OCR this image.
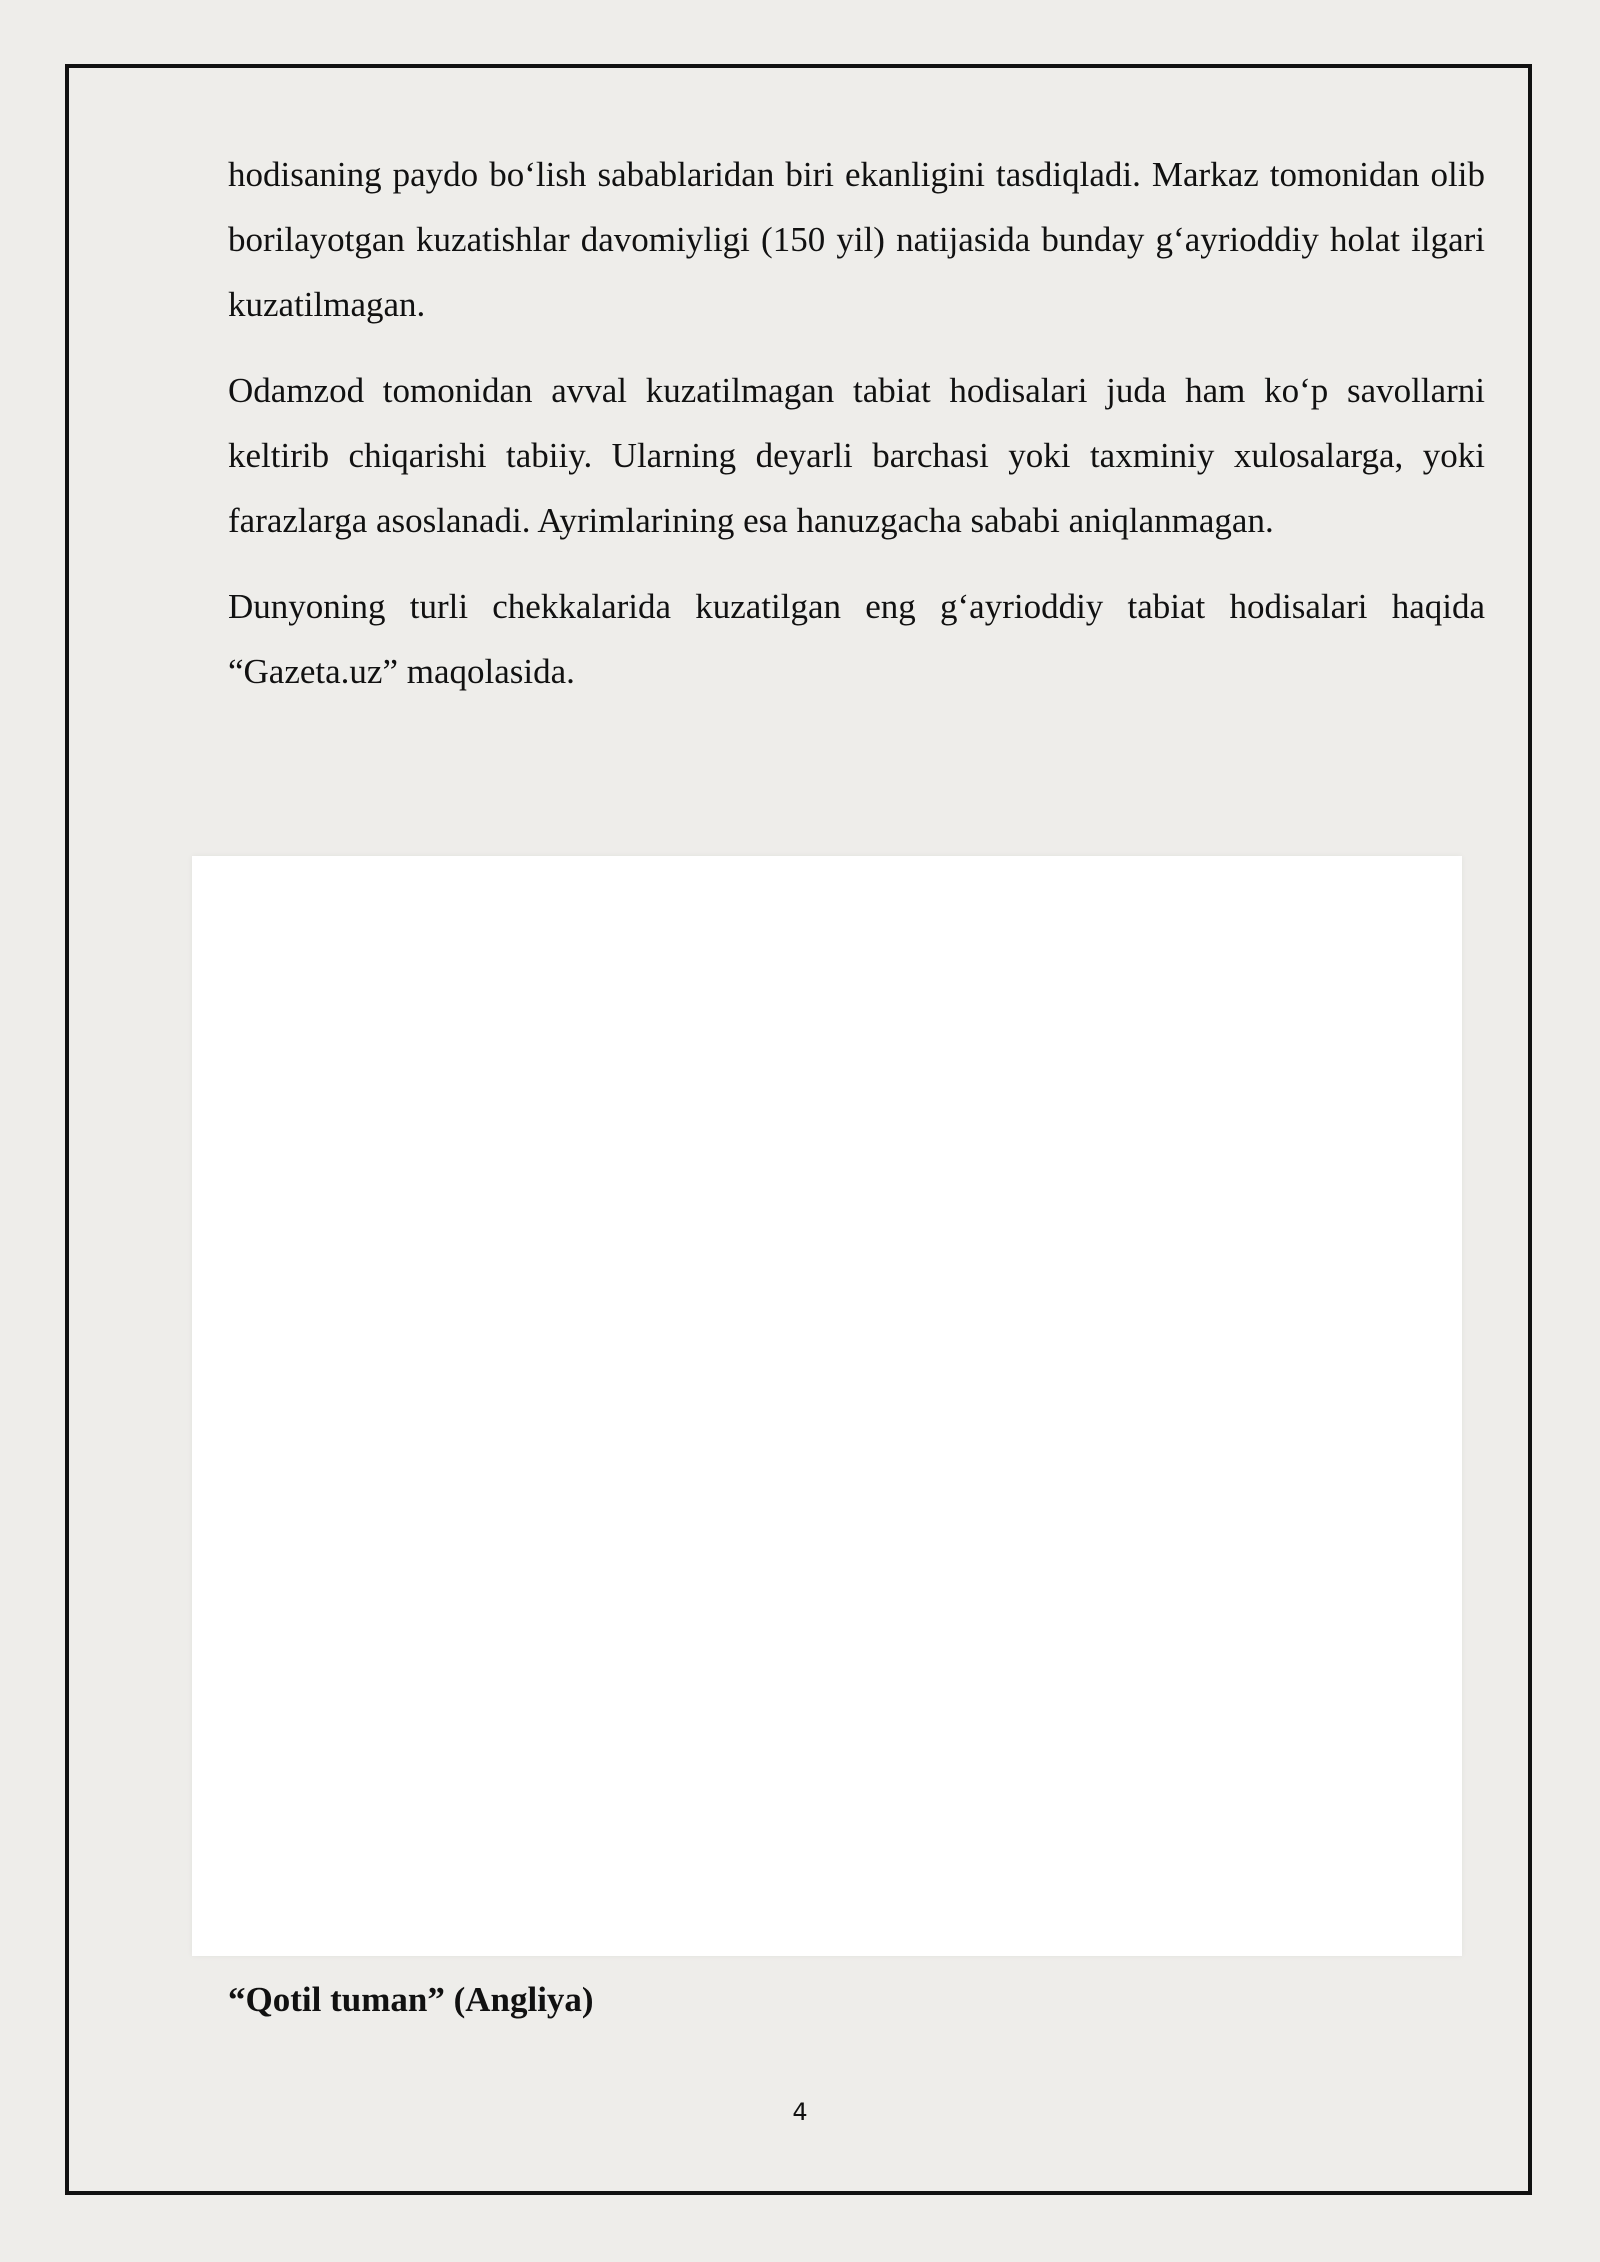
hodisaning paydo bo‘lish sabablaridan biri ekanligini tasdiqladi. Markaz tomonidan olib borilayotgan kuzatishlar davomiyligi (150 yil) natijasida bunday g‘ayrioddiy holat ilgari kuzatilmagan.

Odamzod tomonidan avval kuzatilmagan tabiat hodisalari juda ham ko‘p savollarni keltirib chiqarishi tabiiy. Ularning deyarli barchasi yoki taxminiy xulosalarga, yoki farazlarga asoslanadi. Ayrimlarining esa hanuzgacha sababi aniqlanmagan.

Dunyoning turli chekkalarida kuzatilgan eng g‘ayrioddiy tabiat hodisalari haqida “Gazeta.uz” maqolasida.

“Qotil tuman” (Angliya)
4
